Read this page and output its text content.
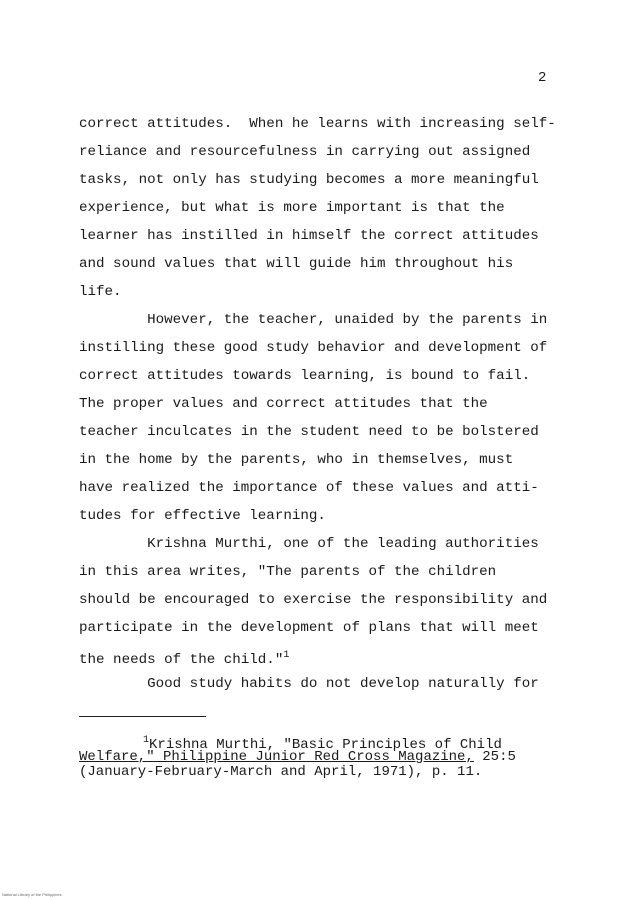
2
correct attitudes.  When he learns with increasing self-
reliance and resourcefulness in carrying out assigned
tasks, not only has studying becomes a more meaningful
experience, but what is more important is that the
learner has instilled in himself the correct attitudes
and sound values that will guide him throughout his
life.
However, the teacher, unaided by the parents in
instilling these good study behavior and development of
correct attitudes towards learning, is bound to fail.
The proper values and correct attitudes that the
teacher inculcates in the student need to be bolstered
in the home by the parents, who in themselves, must
have realized the importance of these values and atti-
tudes for effective learning.
Krishna Murthi, one of the leading authorities
in this area writes, "The parents of the children
should be encouraged to exercise the responsibility and
participate in the development of plans that will meet
the needs of the child."$^1$
Good study habits do not develop naturally for
$^1$Krishna Murthi, "Basic Principles of Child
Welfare," Philippine Junior Red Cross Magazine, 25:5
(January-February-March and April, 1971), p. 11.
National Library of the Philippines
